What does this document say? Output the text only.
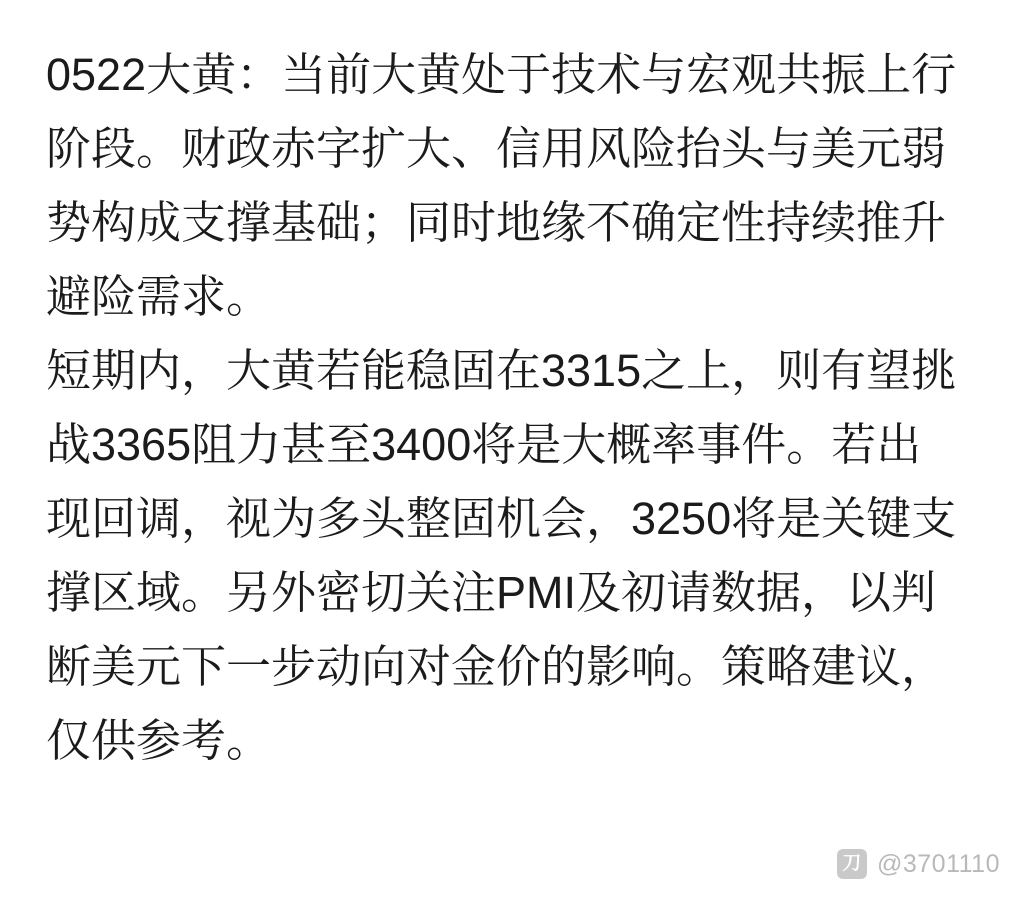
0522大黄：当前大黄处于技术与宏观共振上行阶段。财政赤字扩大、信用风险抬头与美元弱势构成支撑基础；同时地缘不确定性持续推升避险需求。

短期内，大黄若能稳固在3315之上，则有望挑战3365阻力甚至3400将是大概率事件。若出现回调，视为多头整固机会，3250将是关键支撑区域。另外密切关注PMI及初请数据，以判断美元下一步动向对金价的影响。策略建议，仅供参考。

刀 @3701110
